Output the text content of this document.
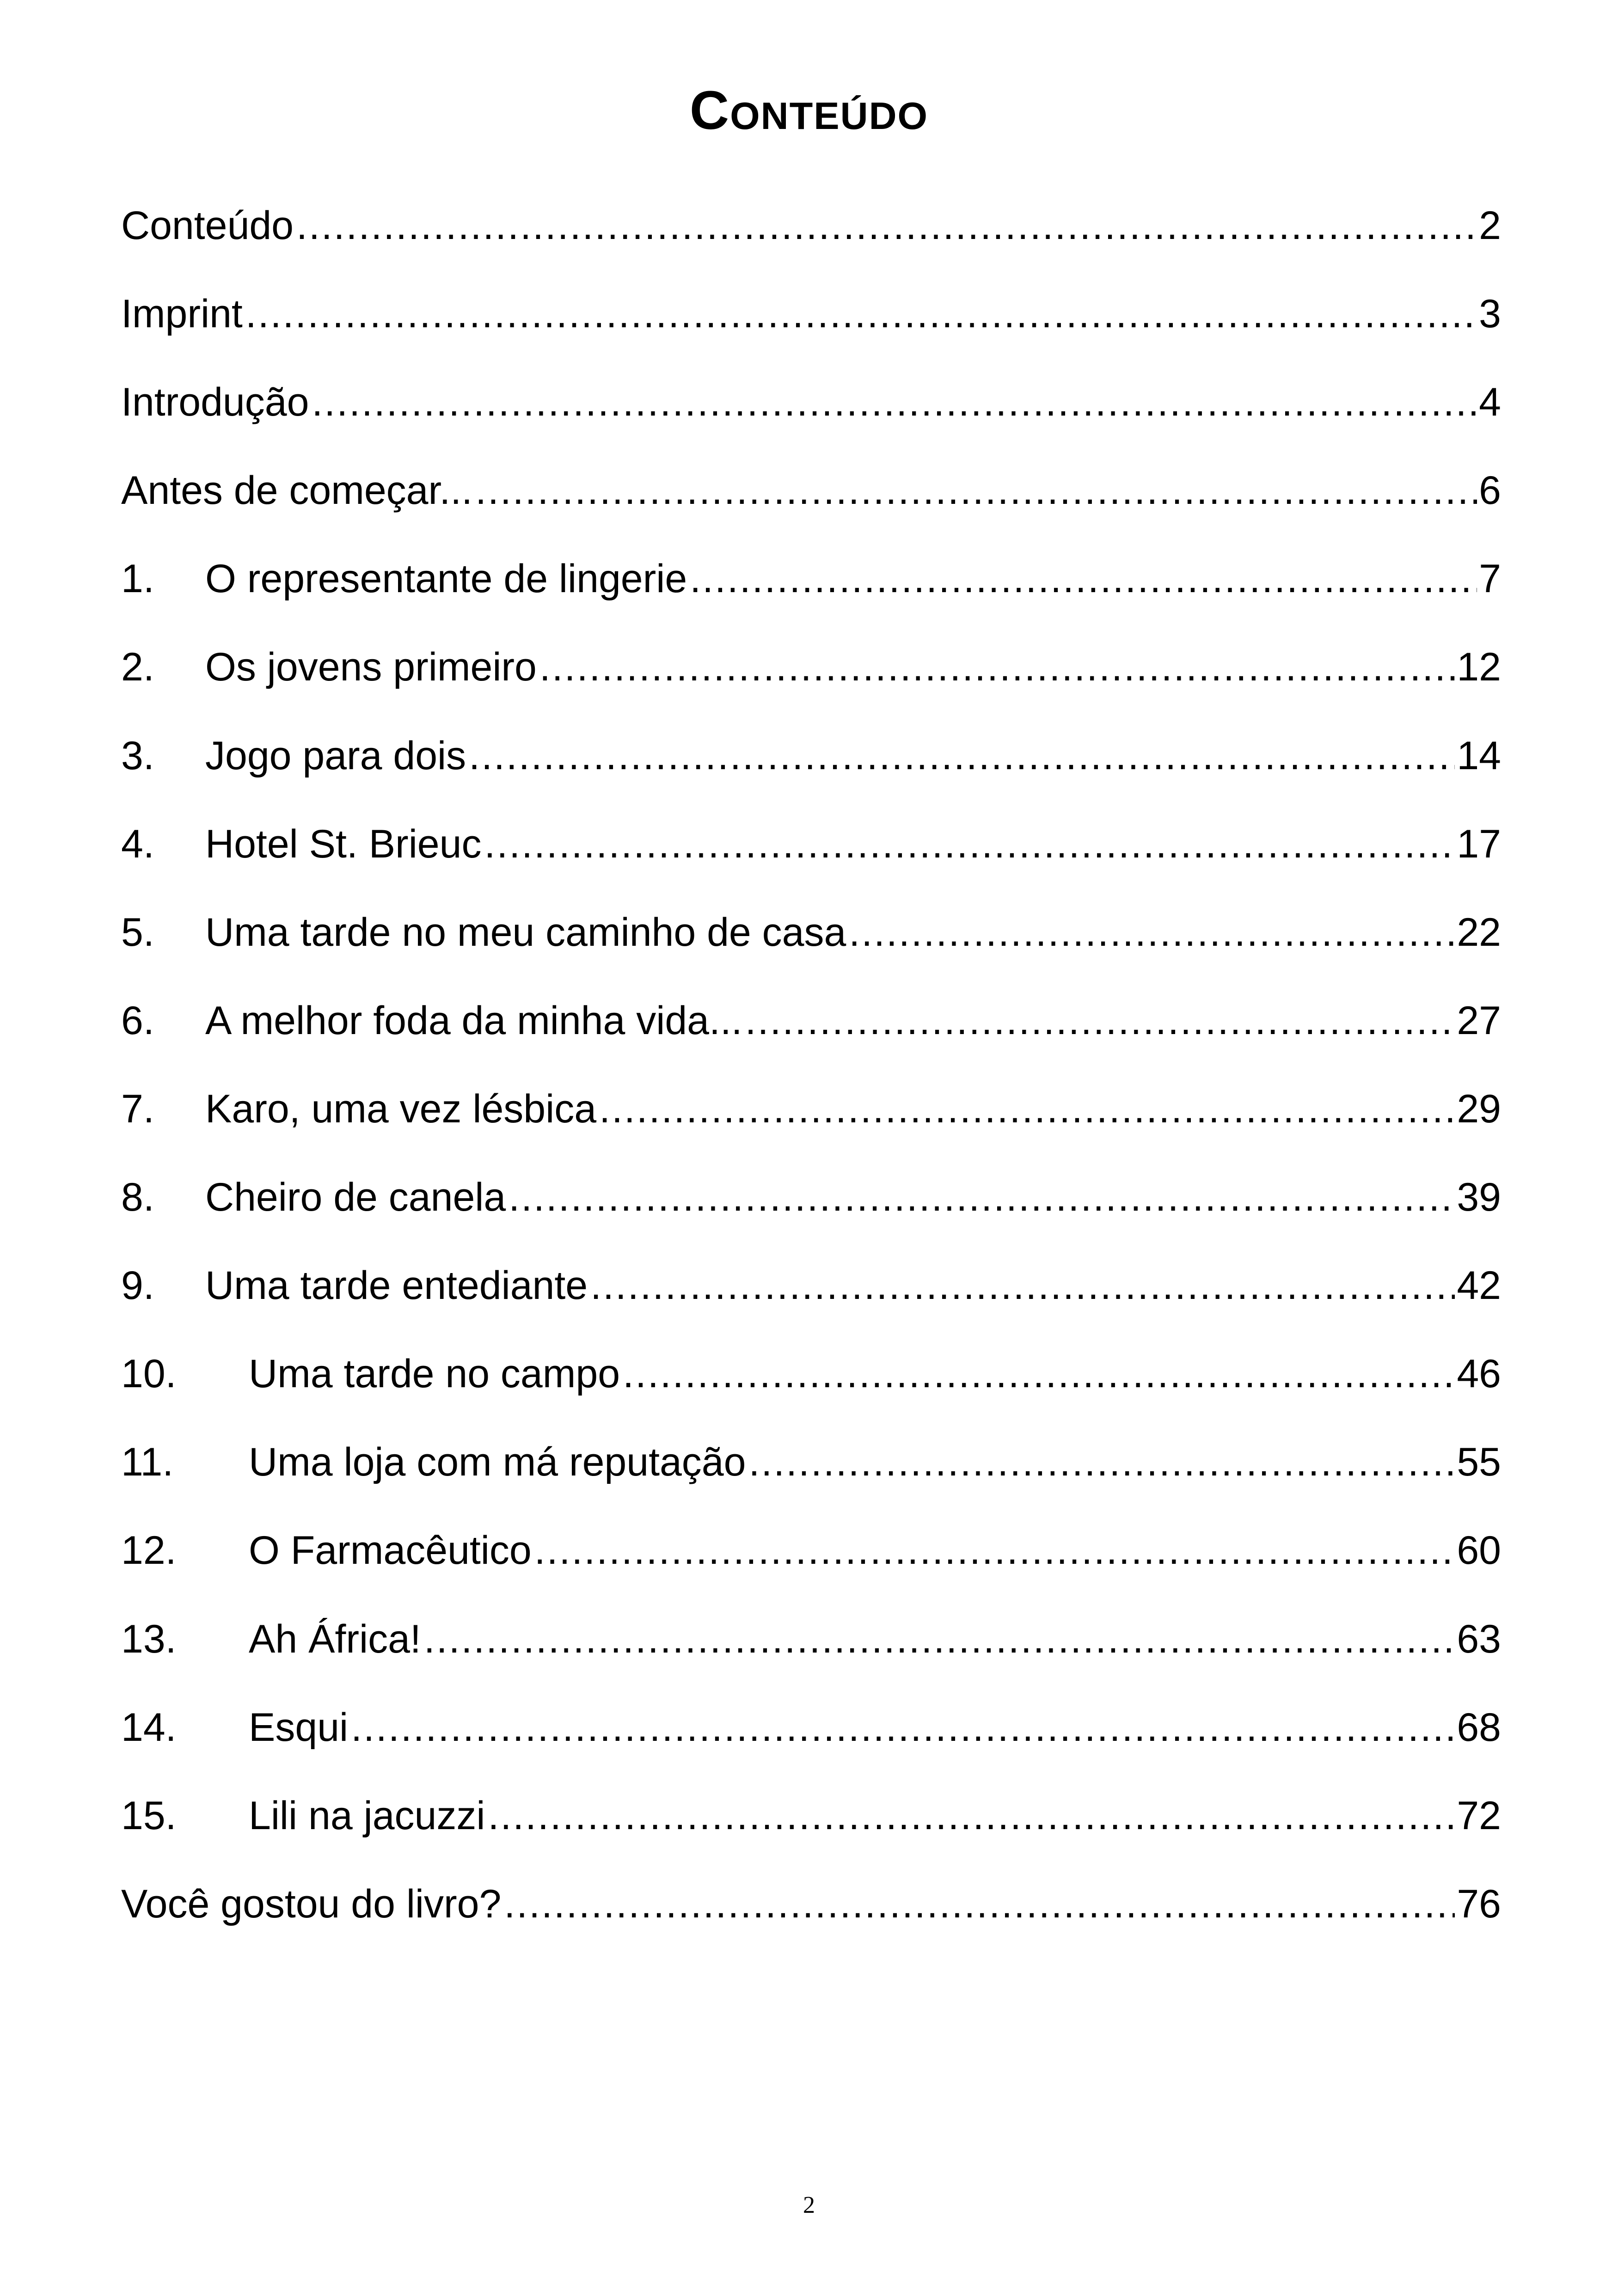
Conteúdo
Conteúdo .....	2
Imprint .....	3
Introdução .....	4
Antes de começar... .....	6
1.	O representante de lingerie .....	7
2.	Os jovens primeiro .....	12
3.	Jogo para dois .....	14
4.	Hotel St. Brieuc .....	17
5.	Uma tarde no meu caminho de casa .....	22
6.	A melhor foda da minha vida... .....	27
7.	Karo, uma vez lésbica .....	29
8.	Cheiro de canela .....	39
9.	Uma tarde entediante .....	42
10.	Uma tarde no campo .....	46
11.	Uma loja com má reputação .....	55
12.	O Farmacêutico .....	60
13.	Ah África! .....	63
14.	Esqui .....	68
15.	Lili na jacuzzi .....	72
Você gostou do livro? .....	76
2
